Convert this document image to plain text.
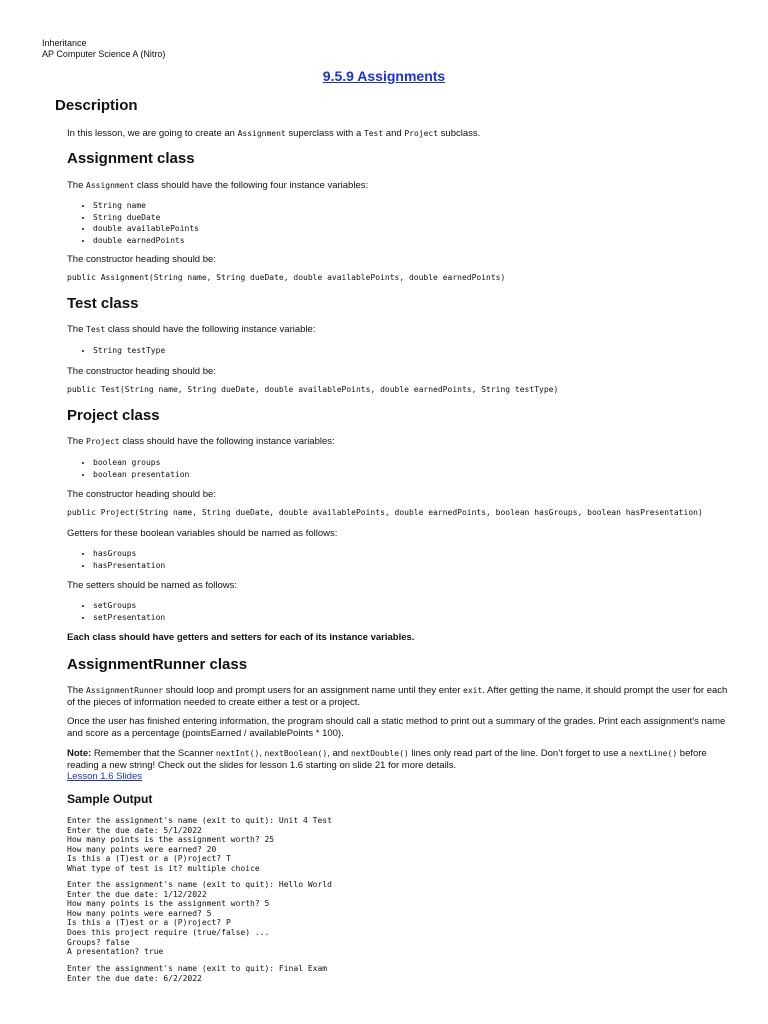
Inheritance
AP Computer Science A (Nitro)
9.5.9 Assignments
Description

In this lesson, we are going to create an Assignment superclass with a Test and Project subclass.

Assignment class

The Assignment class should have the following four instance variables:

• String name
• String dueDate
• double availablePoints
• double earnedPoints

The constructor heading should be:

public Assignment(String name, String dueDate, double availablePoints, double earnedPoints)
Test class

The Test class should have the following instance variable:

• String testType

The constructor heading should be:

public Test(String name, String dueDate, double availablePoints, double earnedPoints, String testType)
Project class

The Project class should have the following instance variables:

• boolean groups
• boolean presentation

The constructor heading should be:

public Project(String name, String dueDate, double availablePoints, double earnedPoints, boolean hasGroups, boolean hasPresentation)

Getters for these boolean variables should be named as follows:

• hasGroups
• hasPresentation

The setters should be named as follows:

• setGroups
• setPresentation

Each class should have getters and setters for each of its instance variables.

AssignmentRunner class

The AssignmentRunner should loop and prompt users for an assignment name until they enter exit. After getting the name, it should prompt the user for each of the pieces of information needed to create either a test or a project.

Once the user has finished entering information, the program should call a static method to print out a summary of the grades. Print each assignment’s name and score as a percentage (pointsEarned / availablePoints * 100).

Note: Remember that the Scanner nextInt(), nextBoolean(), and nextDouble() lines only read part of the line. Don’t forget to use a nextLine() before reading a new string! Check out the slides for lesson 1.6 starting on slide 21 for more details.
Lesson 1.6 Slides

Sample Output
Enter the assignment's name (exit to quit): Unit 4 Test
Enter the due date: 5/1/2022
How many points is the assignment worth? 25
How many points were earned? 20
Is this a (T)est or a (P)roject? T
What type of test is it? multiple choice
Enter the assignment's name (exit to quit): Hello World
Enter the due date: 1/12/2022
How many points is the assignment worth? 5
How many points were earned? 5
Is this a (T)est or a (P)roject? P
Does this project require (true/false) ...
Groups? false
A presentation? true
Enter the assignment's name (exit to quit): Final Exam
Enter the due date: 6/2/2022
